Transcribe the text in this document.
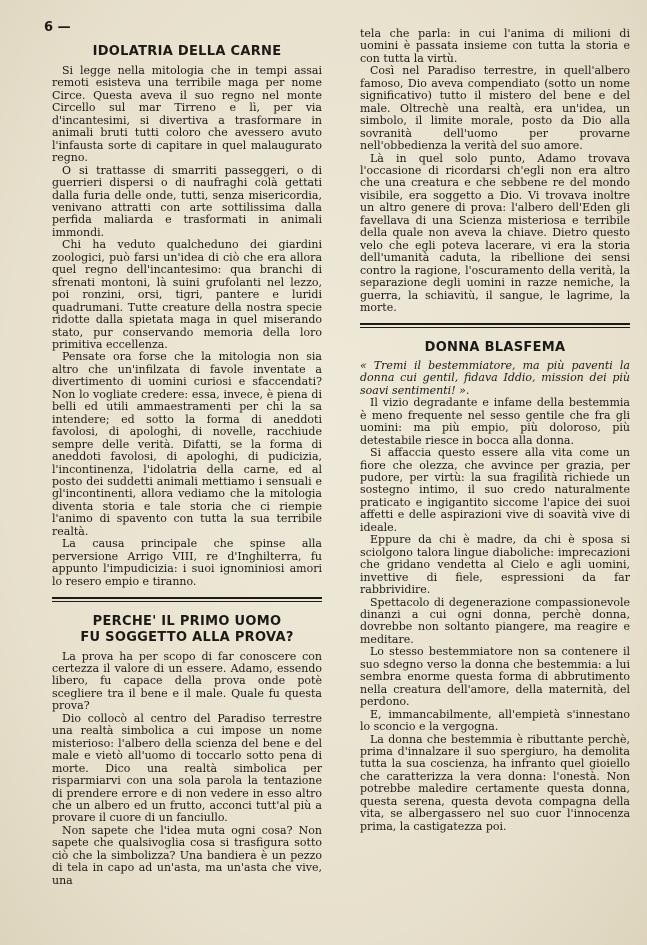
6 —
IDOLATRIA DELLA CARNE

Si legge nella mitologia che in tempi assai remoti esisteva una terribile maga per nome Circe. Questa aveva il suo regno nel monte Circello sul mar Tirreno e lì, per via d'incantesimi, si divertiva a trasformare in animali bruti tutti coloro che avessero avuto l'infausta sorte di capitare in quel malaugurato regno.

O si trattasse di smarriti passeggeri, o di guerrieri dispersi o di naufraghi colà gettati dalla furia delle onde, tutti, senza misericordia, venivano attratti con arte sottilissima dalla perfida maliarda e trasformati in animali immondi.

Chi ha veduto qualcheduno dei giardini zoologici, può farsi un'idea di ciò che era allora quel regno dell'incantesimo: qua branchi di sfrenati montoni, là suini grufolanti nel lezzo, poi ronzini, orsi, tigri, pantere e luridi quadrumani. Tutte creature della nostra specie ridotte dalla spietata maga in quel miserando stato, pur conservando memoria della loro primitiva eccellenza.

Pensate ora forse che la mitologia non sia altro che un'infilzata di favole inventate a divertimento di uomini curiosi e sfaccendati? Non lo vogliate credere: essa, invece, è piena di belli ed utili ammaestramenti per chi la sa intendere; ed sotto la forma di aneddoti favolosi, di apologhi, di novelle, racchiude sempre delle verità. Difatti, se la forma di aneddoti favolosi, di apologhi, di pudicizia, l'incontinenza, l'idolatria della carne, ed al posto dei suddetti animali mettiamo i sensuali e gl'incontinenti, allora vediamo che la mitologia diventa storia e tale storia che ci riempie l'animo di spavento con tutta la sua terribile realtà.

La causa principale che spinse alla perversione Arrigo VIII, re d'Inghilterra, fu appunto l'impudicizia: i suoi ignominiosi amori lo resero empio e tiranno.

PERCHE' IL PRIMO UOMO
FU SOGGETTO ALLA PROVA?

La prova ha per scopo di far conoscere con certezza il valore di un essere. Adamo, essendo libero, fu capace della prova onde potè scegliere tra il bene e il male. Quale fu questa prova?

Dio collocò al centro del Paradiso terrestre una realtà simbolica a cui impose un nome misterioso: l'albero della scienza del bene e del male e vietò all'uomo di toccarlo sotto pena di morte. Dico una realtà simbolica per risparmiarvi con una sola parola la tentazione di prendere errore e di non vedere in esso altro che un albero ed un frutto, acconci tutt'al più a provare il cuore di un fanciullo.

Non sapete che l'idea muta ogni cosa? Non sapete che qualsivoglia cosa si trasfigura sotto ciò che la simbolizza? Una bandiera è un pezzo di tela in capo ad un'asta, ma un'asta che vive, una

tela che parla: in cui l'anima di milioni di uomini è passata insieme con tutta la storia e con tutta la virtù.

Così nel Paradiso terrestre, in quell'albero famoso, Dio aveva compendiato (sotto un nome significativo) tutto il mistero del bene e del male. Oltrechè una realtà, era un'idea, un simbolo, il limite morale, posto da Dio alla sovranità dell'uomo per provarne nell'obbedienza la verità del suo amore.

Là in quel solo punto, Adamo trovava l'occasione di ricordarsi ch'egli non era altro che una creatura e che sebbene re del mondo visibile, era soggetto a Dio. Vi trovava inoltre un altro genere di prova: l'albero dell'Eden gli favellava di una Scienza misteriosa e terribile della quale non aveva la chiave. Dietro questo velo che egli poteva lacerare, vi era la storia dell'umanità caduta, la ribellione dei sensi contro la ragione, l'oscuramento della verità, la separazione degli uomini in razze nemiche, la guerra, la schiavitù, il sangue, le lagrime, la morte.

DONNA BLASFEMA

« Tremi il bestemmiatore, ma più paventi la donna cui gentil, fidava Iddio, mission dei più soavi sentimenti! ».

Il vizio degradante e infame della bestemmia è meno frequente nel sesso gentile che fra gli uomini: ma più empio, più doloroso, più detestabile riesce in bocca alla donna.

Si affaccia questo essere alla vita come un fiore che olezza, che avvince per grazia, per pudore, per virtù: la sua fragilità richiede un sostegno intimo, il suo credo naturalmente praticato e ingigantito siccome l'apice dei suoi affetti e delle aspirazioni vive di soavità vive di ideale.

Eppure da chi è madre, da chi è sposa si sciolgono talora lingue diaboliche: imprecazioni che gridano vendetta al Cielo e agli uomini, invettive di fiele, espressioni da far rabbrividire.

Spettacolo di degenerazione compassionevole dinanzi a cui ogni donna, perchè donna, dovrebbe non soltanto piangere, ma reagire e meditare.

Lo stesso bestemmiatore non sa contenere il suo sdegno verso la donna che bestemmia: a lui sembra enorme questa forma di abbrutimento nella creatura dell'amore, della maternità, del perdono.

E, immancabilmente, all'empietà s'innestano lo sconcio e la vergogna.

La donna che bestemmia è ributtante perchè, prima d'innalzare il suo spergiuro, ha demolita tutta la sua coscienza, ha infranto quel gioiello che caratterizza la vera donna: l'onestà. Non potrebbe maledire certamente questa donna, questa serena, questa devota compagna della vita, se albergassero nel suo cuor l'innocenza prima, la castigatezza poi.
